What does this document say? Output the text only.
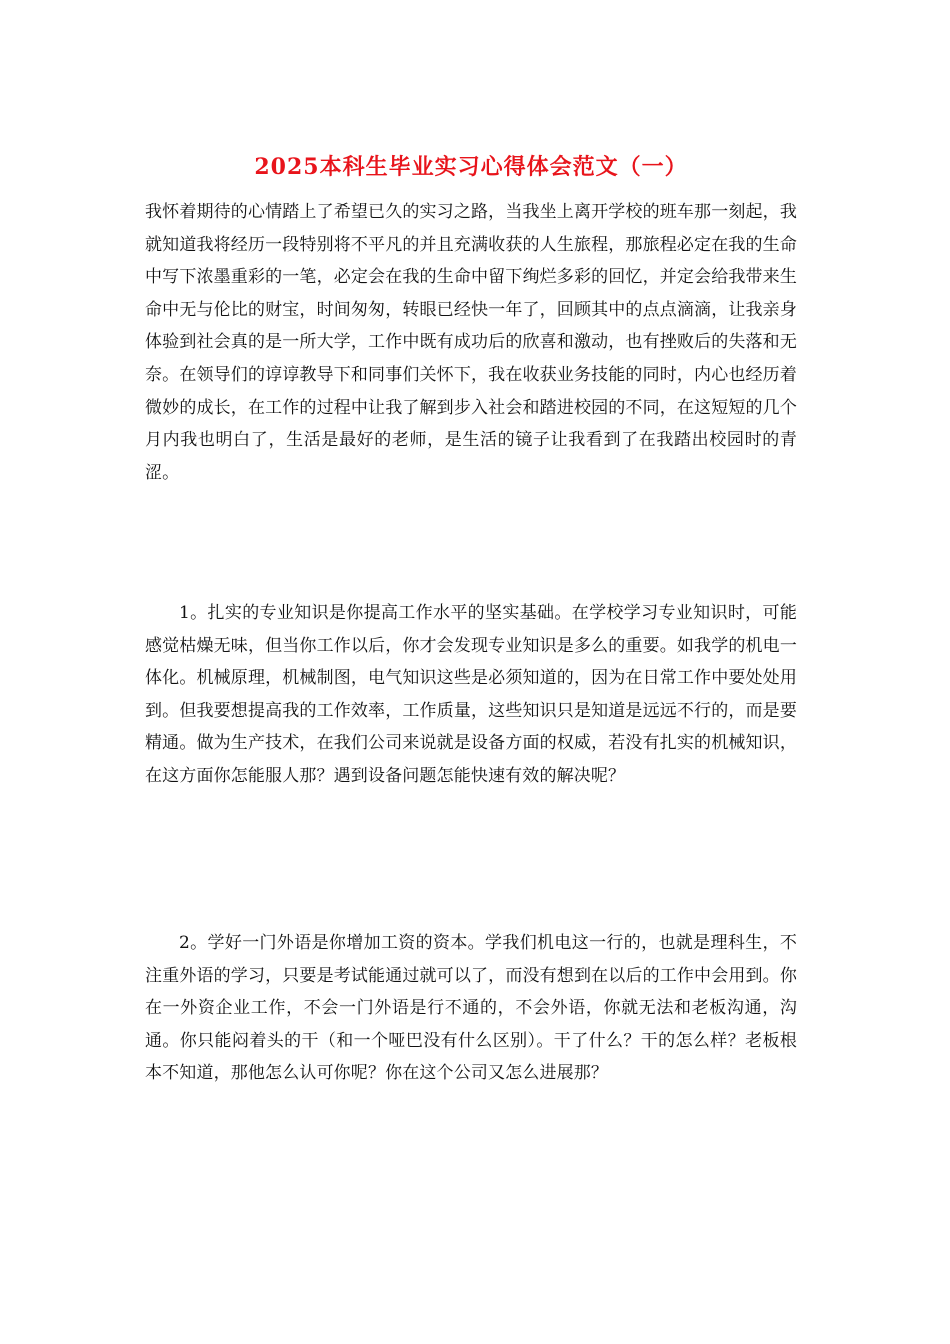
2025本科生毕业实习心得体会范文（一）

我怀着期待的心情踏上了希望已久的实习之路，当我坐上离开学校的班车那一刻起，我就知道我将经历一段特别将不平凡的并且充满收获的人生旅程，那旅程必定在我的生命中写下浓墨重彩的一笔，必定会在我的生命中留下绚烂多彩的回忆，并定会给我带来生命中无与伦比的财宝，时间匆匆，转眼已经快一年了，回顾其中的点点滴滴，让我亲身体验到社会真的是一所大学，工作中既有成功后的欣喜和激动，也有挫败后的失落和无奈。在领导们的谆谆教导下和同事们关怀下，我在收获业务技能的同时，内心也经历着微妙的成长，在工作的过程中让我了解到步入社会和踏进校园的不同，在这短短的几个月内我也明白了，生活是最好的老师，是生活的镜子让我看到了在我踏出校园时的青涩。

1。扎实的专业知识是你提高工作水平的坚实基础。在学校学习专业知识时，可能感觉枯燥无味，但当你工作以后，你才会发现专业知识是多么的重要。如我学的机电一体化。机械原理，机械制图，电气知识这些是必须知道的，因为在日常工作中要处处用到。但我要想提高我的工作效率，工作质量，这些知识只是知道是远远不行的，而是要精通。做为生产技术，在我们公司来说就是设备方面的权威，若没有扎实的机械知识，在这方面你怎能服人那？遇到设备问题怎能快速有效的解决呢？

2。学好一门外语是你增加工资的资本。学我们机电这一行的，也就是理科生，不注重外语的学习，只要是考试能通过就可以了，而没有想到在以后的工作中会用到。你在一外资企业工作，不会一门外语是行不通的，不会外语，你就无法和老板沟通，沟通。你只能闷着头的干（和一个哑巴没有什么区别）。干了什么？干的怎么样？老板根本不知道，那他怎么认可你呢？你在这个公司又怎么进展那？
